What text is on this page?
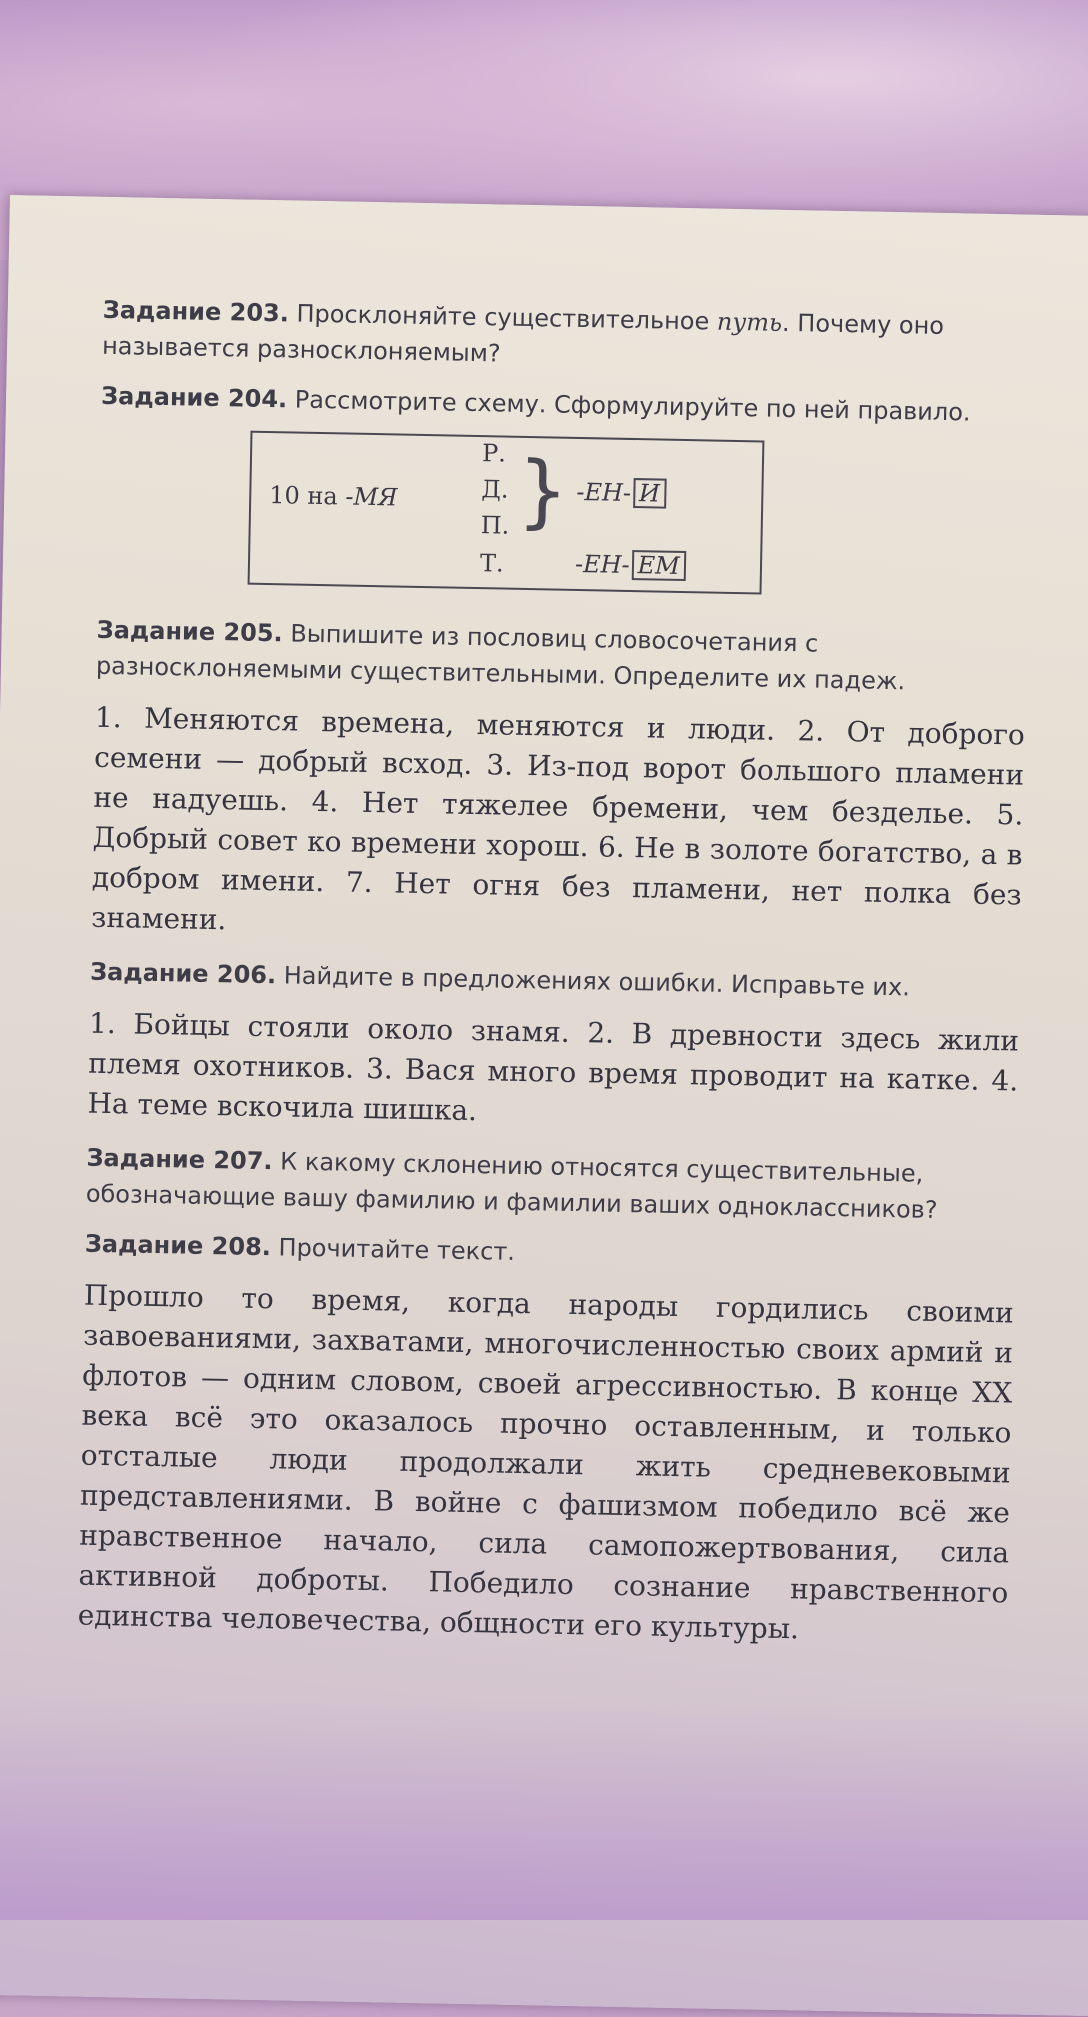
Задание 203. Просклоняйте существительное путь. Почему оно называется разносклоняемым?

Задание 204. Рассмотрите схему. Сформулируйте по ней правило.

10 на -МЯ
Р.
Д.
П.
Т.
} -ЕН- И
-ЕН- ЕМ

Задание 205. Выпишите из пословиц словосочетания с разносклоняемыми существительными. Определите их падеж.

1. Меняются времена, меняются и люди. 2. От доброго семени — добрый всход. 3. Из-под ворот большого пламени не надуешь. 4. Нет тяжелее бремени, чем безделье. 5. Добрый совет ко времени хорош. 6. Не в золоте богатство, а в добром имени. 7. Нет огня без пламени, нет полка без знамени.

Задание 206. Найдите в предложениях ошибки. Исправьте их.

1. Бойцы стояли около знамя. 2. В древности здесь жили племя охотников. 3. Вася много время проводит на катке. 4. На теме вскочила шишка.

Задание 207. К какому склонению относятся существительные, обозначающие вашу фамилию и фамилии ваших одноклассников?

Задание 208. Прочитайте текст.

Прошло то время, когда народы гордились своими завоеваниями, захватами, многочисленностью своих армий и флотов — одним словом, своей агрессивностью. В конце XX века всё это оказалось прочно оставленным, и только отсталые люди продолжали жить средневековыми представлениями. В войне с фашизмом победило всё же нравственное начало, сила самопожертвования, сила активной доброты. Победило сознание нравственного единства человечества, общности его культуры.
